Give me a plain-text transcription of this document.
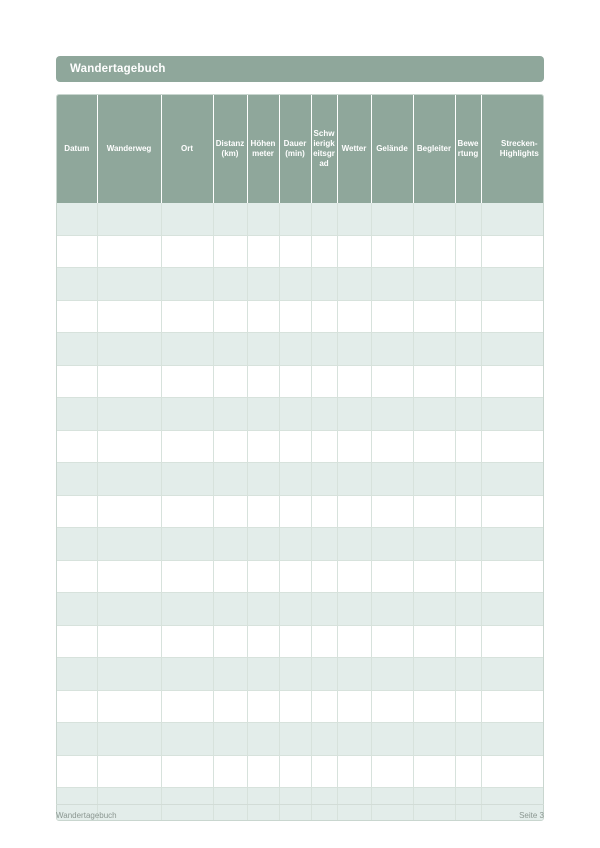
Wandertagebuch
Datum	Wanderweg	Ort	Distanz (km)	Höhenmeter	Dauer (min)	Schwierigkeitsgrad	Wetter	Gelände	Begleiter	Bewertung	Strecken-Highlights

Wandertagebuch	Seite 3
